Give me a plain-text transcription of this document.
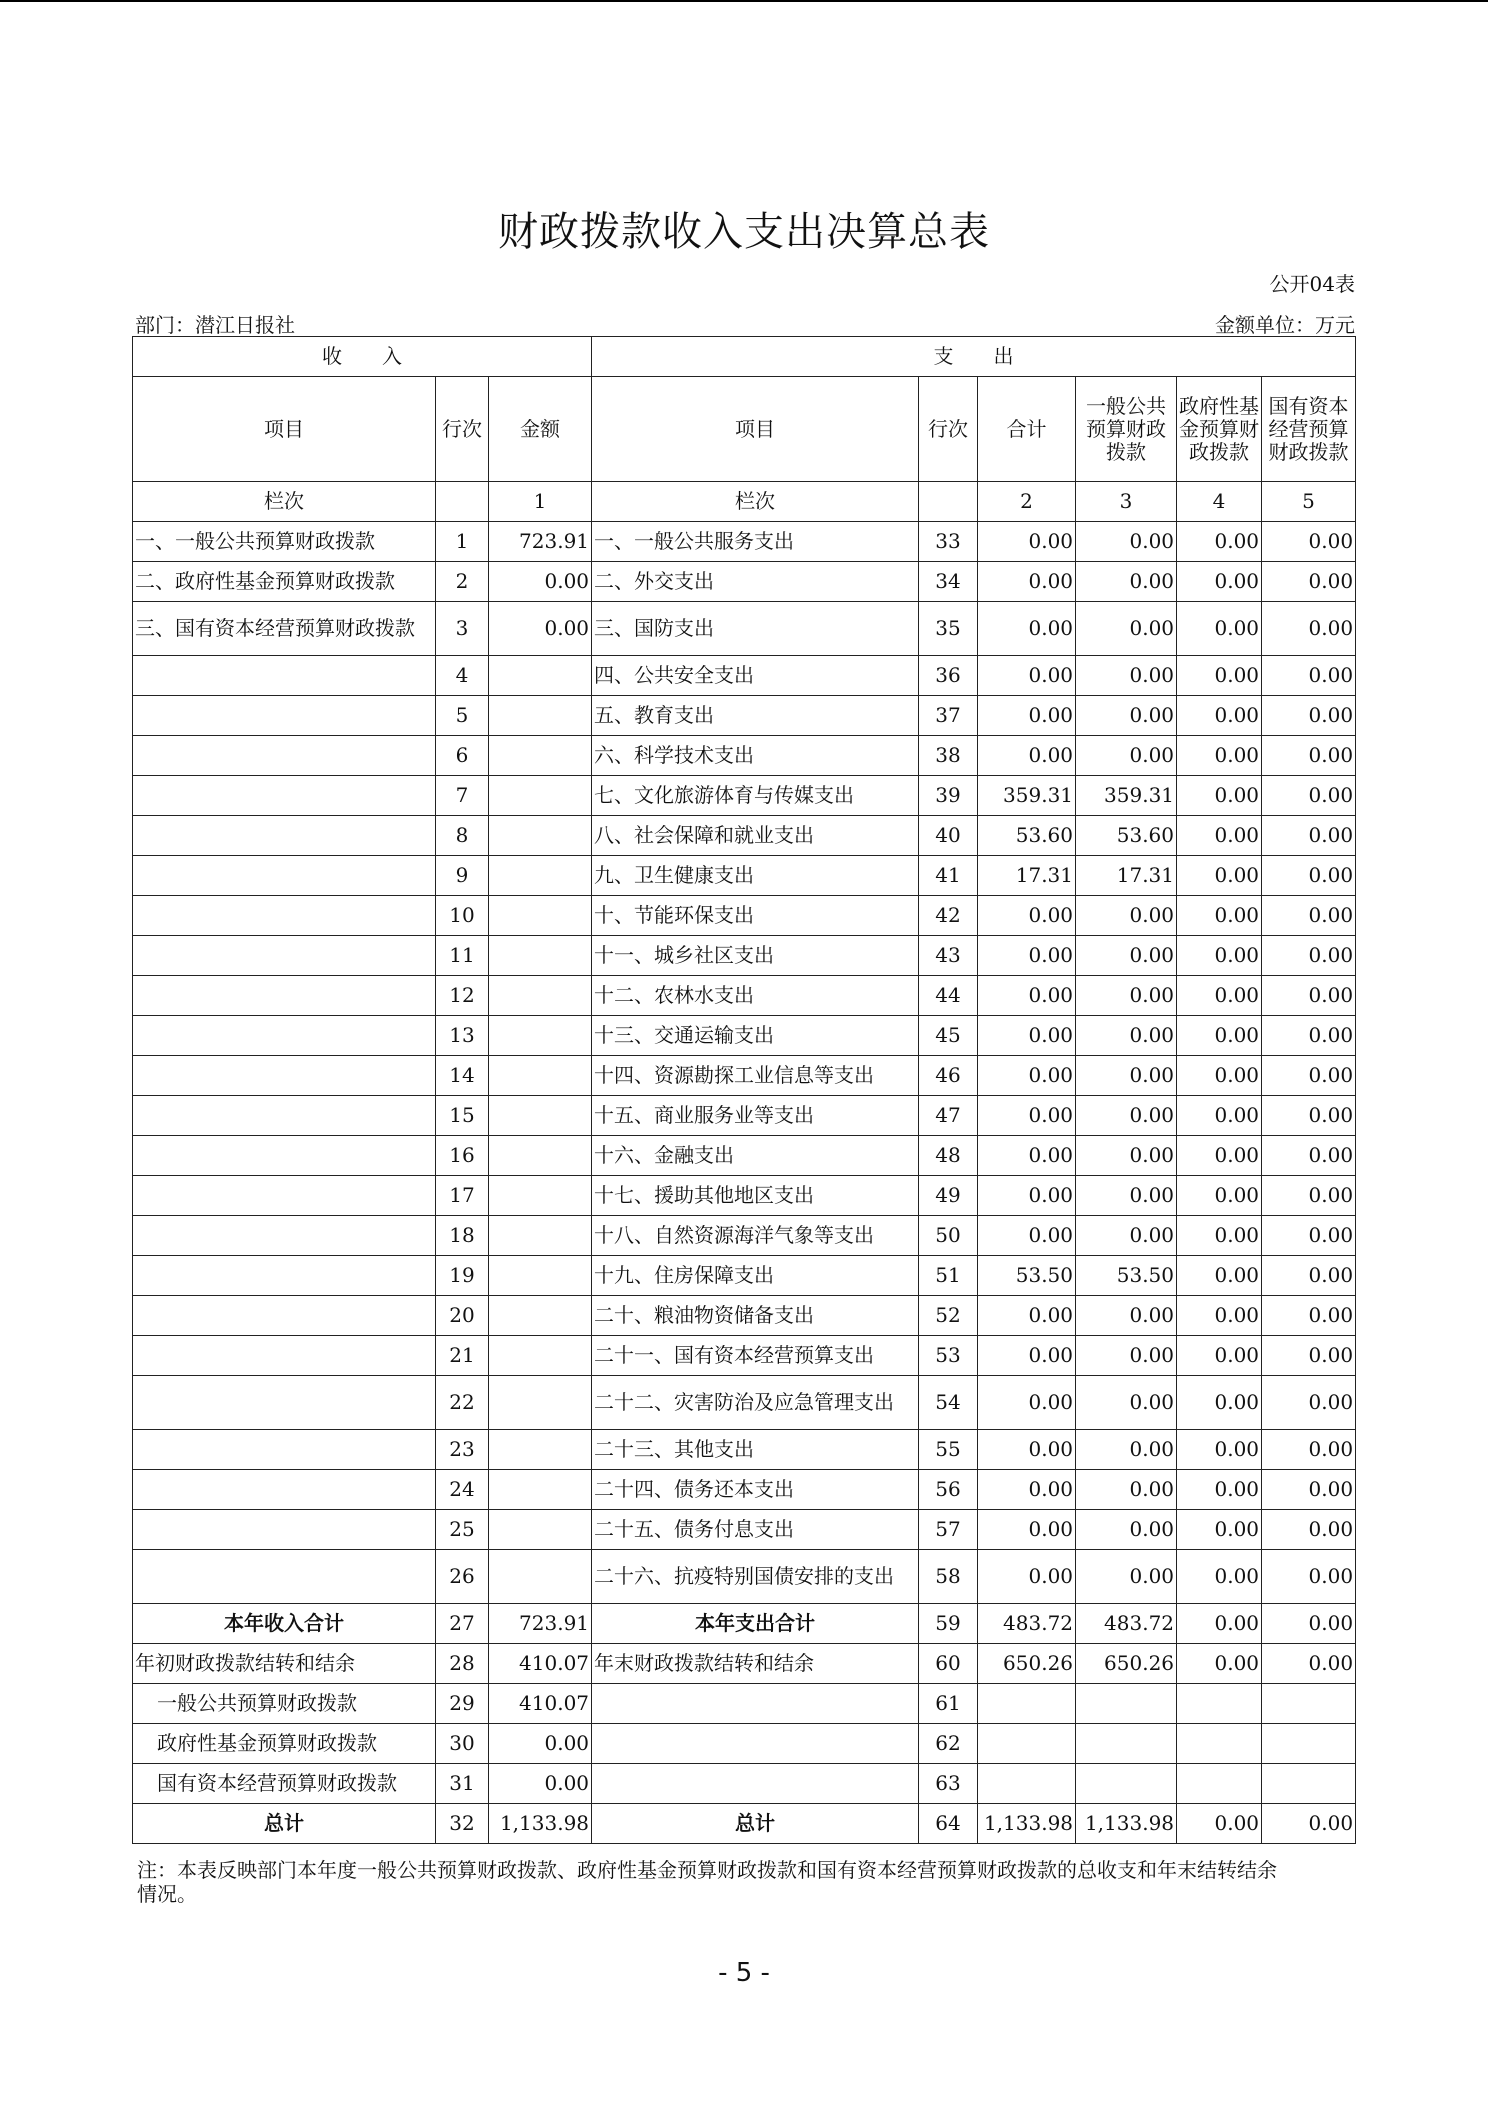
财政拨款收入支出决算总表
公开04表
部门：潜江日报社	金额单位：万元
收　　入			支　　出					
项目	行次	金额	项目	行次	合计	一般公共预算财政拨款	政府性基金预算财政拨款	国有资本经营预算财政拨款
栏次		1	栏次		2	3	4	5
一、一般公共预算财政拨款	1	723.91	一、一般公共服务支出	33	0.00	0.00	0.00	0.00
二、政府性基金预算财政拨款	2	0.00	二、外交支出	34	0.00	0.00	0.00	0.00
三、国有资本经营预算财政拨款	3	0.00	三、国防支出	35	0.00	0.00	0.00	0.00
	4		四、公共安全支出	36	0.00	0.00	0.00	0.00
	5		五、教育支出	37	0.00	0.00	0.00	0.00
	6		六、科学技术支出	38	0.00	0.00	0.00	0.00
	7		七、文化旅游体育与传媒支出	39	359.31	359.31	0.00	0.00
	8		八、社会保障和就业支出	40	53.60	53.60	0.00	0.00
	9		九、卫生健康支出	41	17.31	17.31	0.00	0.00
	10		十、节能环保支出	42	0.00	0.00	0.00	0.00
	11		十一、城乡社区支出	43	0.00	0.00	0.00	0.00
	12		十二、农林水支出	44	0.00	0.00	0.00	0.00
	13		十三、交通运输支出	45	0.00	0.00	0.00	0.00
	14		十四、资源勘探工业信息等支出	46	0.00	0.00	0.00	0.00
	15		十五、商业服务业等支出	47	0.00	0.00	0.00	0.00
	16		十六、金融支出	48	0.00	0.00	0.00	0.00
	17		十七、援助其他地区支出	49	0.00	0.00	0.00	0.00
	18		十八、自然资源海洋气象等支出	50	0.00	0.00	0.00	0.00
	19		十九、住房保障支出	51	53.50	53.50	0.00	0.00
	20		二十、粮油物资储备支出	52	0.00	0.00	0.00	0.00
	21		二十一、国有资本经营预算支出	53	0.00	0.00	0.00	0.00
	22		二十二、灾害防治及应急管理支出	54	0.00	0.00	0.00	0.00
	23		二十三、其他支出	55	0.00	0.00	0.00	0.00
	24		二十四、债务还本支出	56	0.00	0.00	0.00	0.00
	25		二十五、债务付息支出	57	0.00	0.00	0.00	0.00
	26		二十六、抗疫特别国债安排的支出	58	0.00	0.00	0.00	0.00
本年收入合计	27	723.91	本年支出合计	59	483.72	483.72	0.00	0.00
年初财政拨款结转和结余	28	410.07	年末财政拨款结转和结余	60	650.26	650.26	0.00	0.00
一般公共预算财政拨款	29	410.07		61				
政府性基金预算财政拨款	30	0.00		62				
国有资本经营预算财政拨款	31	0.00		63				
总计	32	1,133.98	总计	64	1,133.98	1,133.98	0.00	0.00
注：本表反映部门本年度一般公共预算财政拨款、政府性基金预算财政拨款和国有资本经营预算财政拨款的总收支和年末结转结余情况。
- 5 -
